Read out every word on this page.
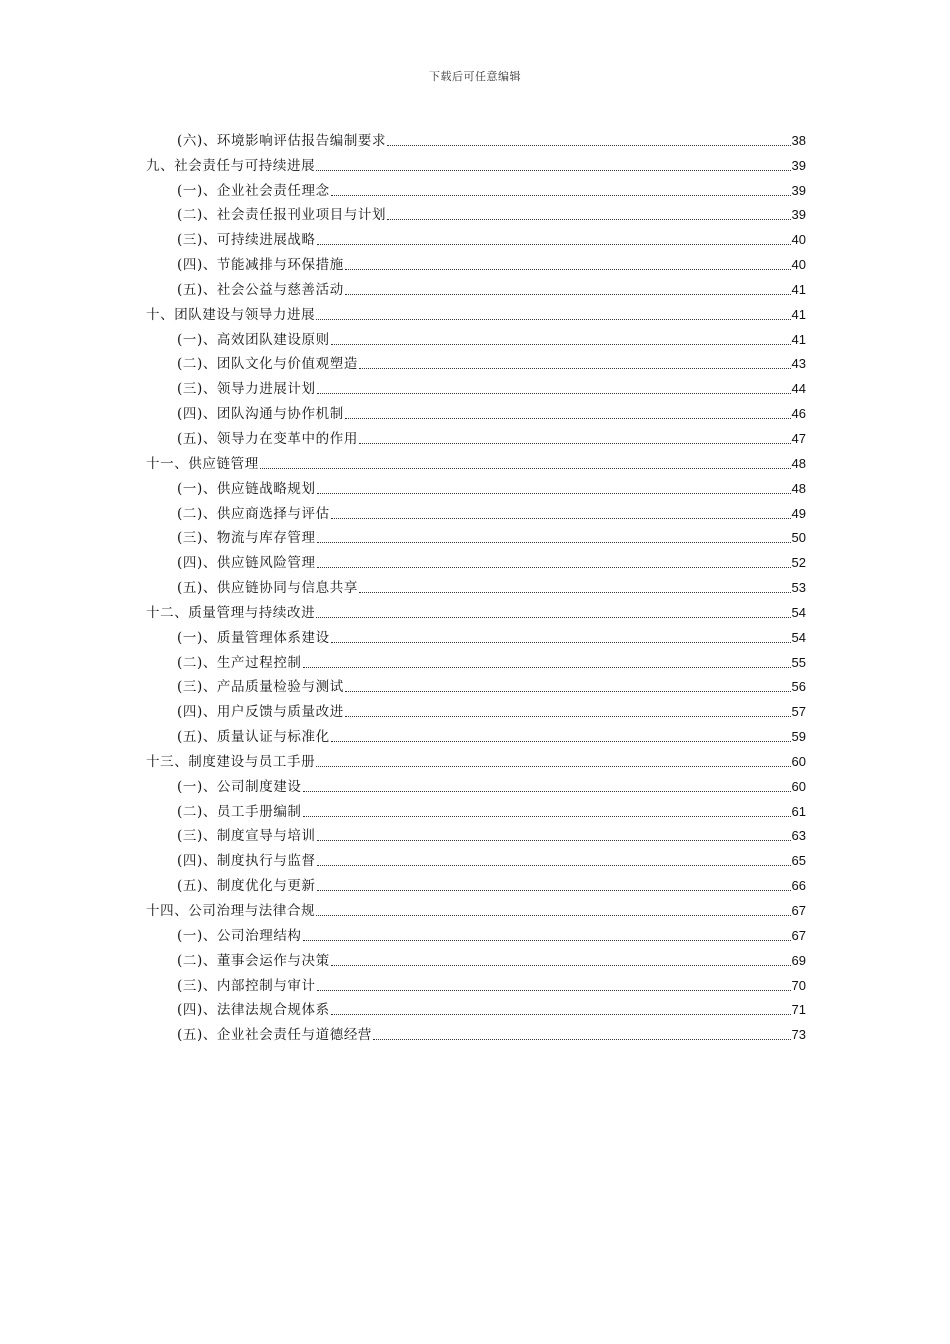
下载后可任意编辑
(六)、环境影响评估报告编制要求	38
九、社会责任与可持续进展	39
(一)、企业社会责任理念	39
(二)、社会责任报刊业项目与计划	39
(三)、可持续进展战略	40
(四)、节能减排与环保措施	40
(五)、社会公益与慈善活动	41
十、团队建设与领导力进展	41
(一)、高效团队建设原则	41
(二)、团队文化与价值观塑造	43
(三)、领导力进展计划	44
(四)、团队沟通与协作机制	46
(五)、领导力在变革中的作用	47
十一、供应链管理	48
(一)、供应链战略规划	48
(二)、供应商选择与评估	49
(三)、物流与库存管理	50
(四)、供应链风险管理	52
(五)、供应链协同与信息共享	53
十二、质量管理与持续改进	54
(一)、质量管理体系建设	54
(二)、生产过程控制	55
(三)、产品质量检验与测试	56
(四)、用户反馈与质量改进	57
(五)、质量认证与标准化	59
十三、制度建设与员工手册	60
(一)、公司制度建设	60
(二)、员工手册编制	61
(三)、制度宣导与培训	63
(四)、制度执行与监督	65
(五)、制度优化与更新	66
十四、公司治理与法律合规	67
(一)、公司治理结构	67
(二)、董事会运作与决策	69
(三)、内部控制与审计	70
(四)、法律法规合规体系	71
(五)、企业社会责任与道德经营	73
